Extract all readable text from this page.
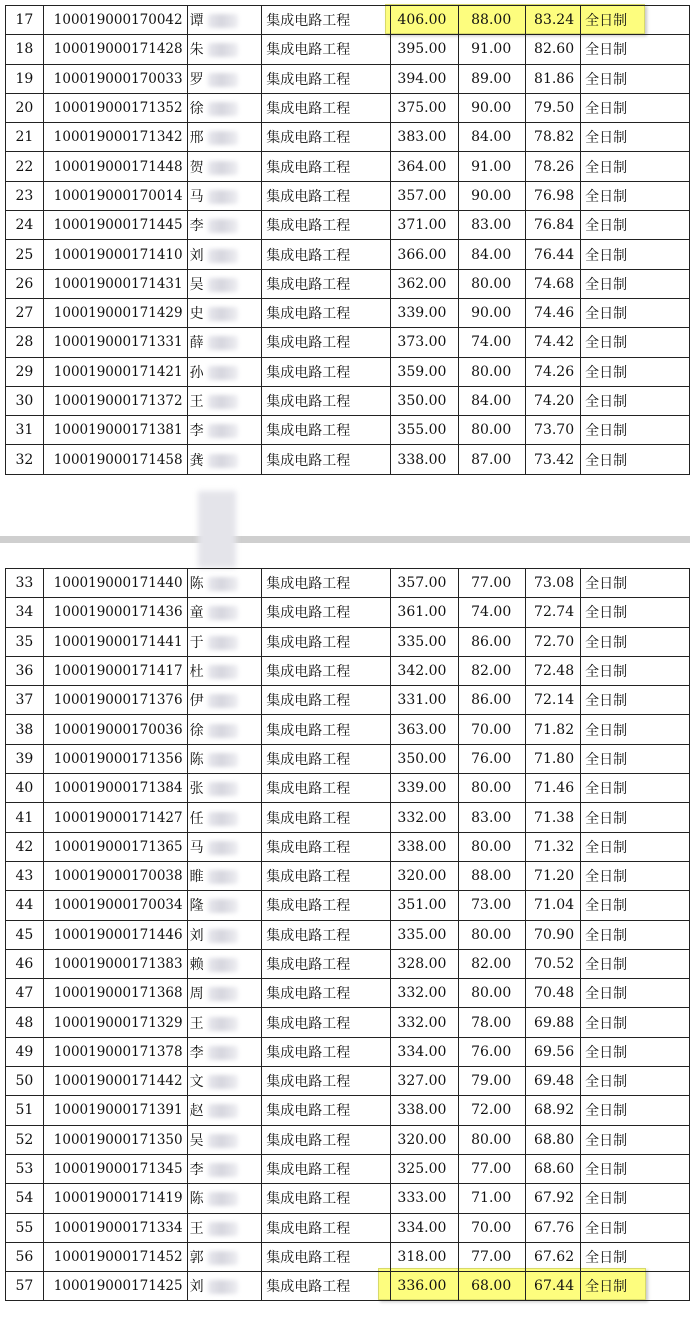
17	100019000170042	谭	集成电路工程	406.00	88.00	83.24	全日制
18	100019000171428	朱	集成电路工程	395.00	91.00	82.60	全日制
19	100019000170033	罗	集成电路工程	394.00	89.00	81.86	全日制
20	100019000171352	徐	集成电路工程	375.00	90.00	79.50	全日制
21	100019000171342	邢	集成电路工程	383.00	84.00	78.82	全日制
22	100019000171448	贺	集成电路工程	364.00	91.00	78.26	全日制
23	100019000170014	马	集成电路工程	357.00	90.00	76.98	全日制
24	100019000171445	李	集成电路工程	371.00	83.00	76.84	全日制
25	100019000171410	刘	集成电路工程	366.00	84.00	76.44	全日制
26	100019000171431	吴	集成电路工程	362.00	80.00	74.68	全日制
27	100019000171429	史	集成电路工程	339.00	90.00	74.46	全日制
28	100019000171331	薛	集成电路工程	373.00	74.00	74.42	全日制
29	100019000171421	孙	集成电路工程	359.00	80.00	74.26	全日制
30	100019000171372	王	集成电路工程	350.00	84.00	74.20	全日制
31	100019000171381	李	集成电路工程	355.00	80.00	73.70	全日制
32	100019000171458	龚	集成电路工程	338.00	87.00	73.42	全日制
33	100019000171440	陈	集成电路工程	357.00	77.00	73.08	全日制
34	100019000171436	童	集成电路工程	361.00	74.00	72.74	全日制
35	100019000171441	于	集成电路工程	335.00	86.00	72.70	全日制
36	100019000171417	杜	集成电路工程	342.00	82.00	72.48	全日制
37	100019000171376	伊	集成电路工程	331.00	86.00	72.14	全日制
38	100019000170036	徐	集成电路工程	363.00	70.00	71.82	全日制
39	100019000171356	陈	集成电路工程	350.00	76.00	71.80	全日制
40	100019000171384	张	集成电路工程	339.00	80.00	71.46	全日制
41	100019000171427	任	集成电路工程	332.00	83.00	71.38	全日制
42	100019000171365	马	集成电路工程	338.00	80.00	71.32	全日制
43	100019000170038	睢	集成电路工程	320.00	88.00	71.20	全日制
44	100019000170034	隆	集成电路工程	351.00	73.00	71.04	全日制
45	100019000171446	刘	集成电路工程	335.00	80.00	70.90	全日制
46	100019000171383	赖	集成电路工程	328.00	82.00	70.52	全日制
47	100019000171368	周	集成电路工程	332.00	80.00	70.48	全日制
48	100019000171329	王	集成电路工程	332.00	78.00	69.88	全日制
49	100019000171378	李	集成电路工程	334.00	76.00	69.56	全日制
50	100019000171442	文	集成电路工程	327.00	79.00	69.48	全日制
51	100019000171391	赵	集成电路工程	338.00	72.00	68.92	全日制
52	100019000171350	吴	集成电路工程	320.00	80.00	68.80	全日制
53	100019000171345	李	集成电路工程	325.00	77.00	68.60	全日制
54	100019000171419	陈	集成电路工程	333.00	71.00	67.92	全日制
55	100019000171334	王	集成电路工程	334.00	70.00	67.76	全日制
56	100019000171452	郭	集成电路工程	318.00	77.00	67.62	全日制
57	100019000171425	刘	集成电路工程	336.00	68.00	67.44	全日制
